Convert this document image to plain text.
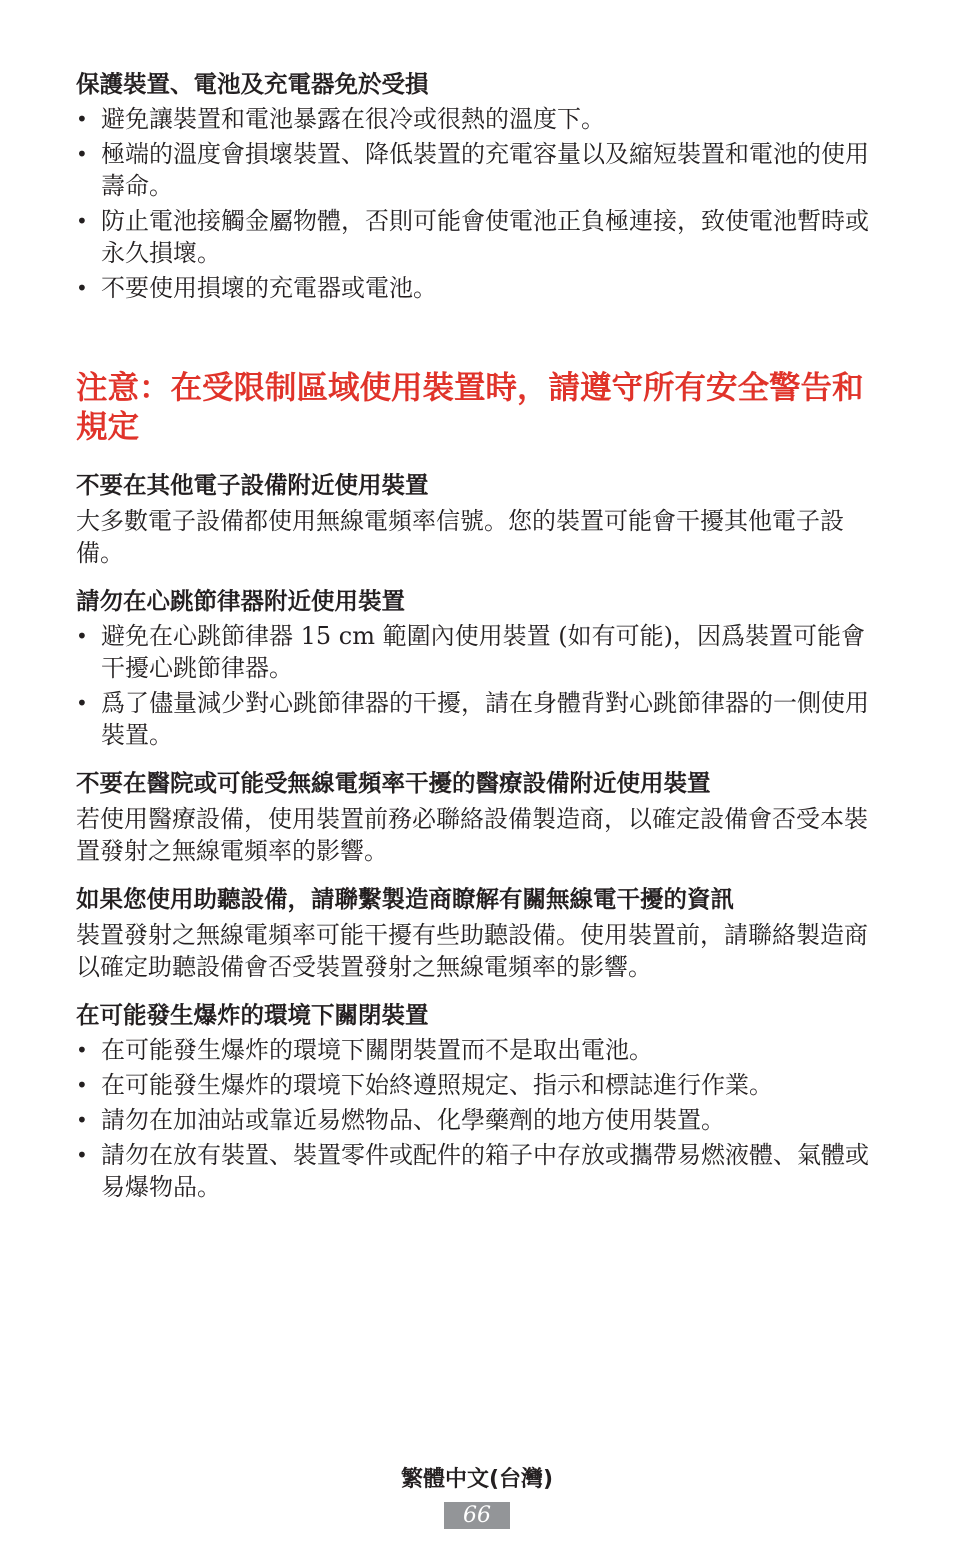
保護裝置、電池及充電器免於受損
• 避免讓裝置和電池暴露在很冷或很熱的溫度下。
• 極端的溫度會損壞裝置、降低裝置的充電容量以及縮短裝置和電池的使用壽命。
• 防止電池接觸金屬物體，否則可能會使電池正負極連接，致使電池暫時或永久損壞。
• 不要使用損壞的充電器或電池。
注意：在受限制區域使用裝置時，請遵守所有安全警告和規定
不要在其他電子設備附近使用裝置

大多數電子設備都使用無線電頻率信號。您的裝置可能會干擾其他電子設備。

請勿在心跳節律器附近使用裝置
• 避免在心跳節律器 15 cm 範圍內使用裝置 (如有可能)，因爲裝置可能會干擾心跳節律器。
• 爲了儘量減少對心跳節律器的干擾，請在身體背對心跳節律器的一側使用裝置。
不要在醫院或可能受無線電頻率干擾的醫療設備附近使用裝置

若使用醫療設備，使用裝置前務必聯絡設備製造商，以確定設備會否受本裝置發射之無線電頻率的影響。

如果您使用助聽設備，請聯繫製造商瞭解有關無線電干擾的資訊

裝置發射之無線電頻率可能干擾有些助聽設備。使用裝置前，請聯絡製造商以確定助聽設備會否受裝置發射之無線電頻率的影響。

在可能發生爆炸的環境下關閉裝置
• 在可能發生爆炸的環境下關閉裝置而不是取出電池。
• 在可能發生爆炸的環境下始終遵照規定、指示和標誌進行作業。
• 請勿在加油站或靠近易燃物品、化學藥劑的地方使用裝置。
• 請勿在放有裝置、裝置零件或配件的箱子中存放或攜帶易燃液體、氣體或易爆物品。
繁體中文(台灣)
66
